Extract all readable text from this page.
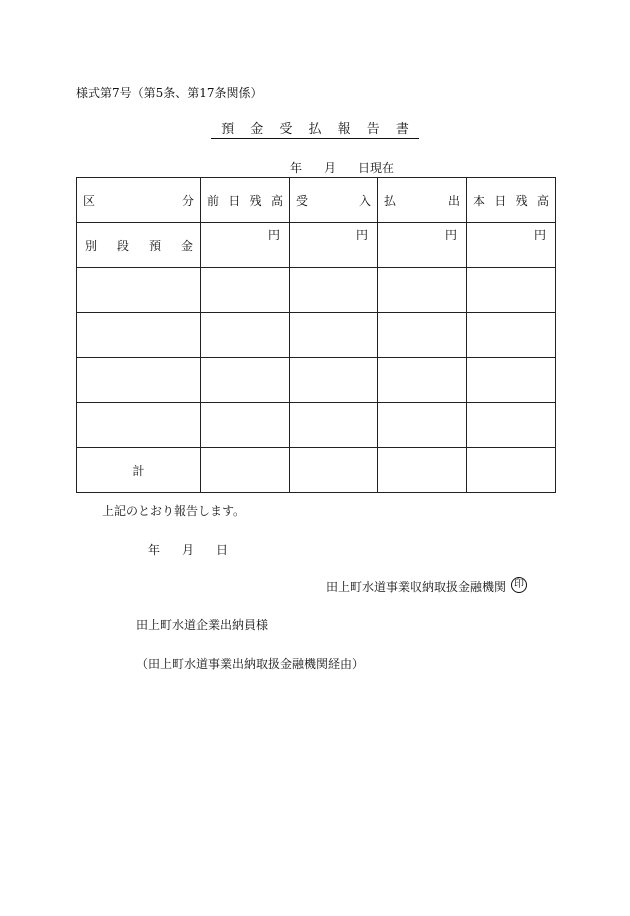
様式第7号（第5条、第17条関係）
預 金 受 払 報 告 書
年 月 日現在
区 分	前 日 残 高	受 入	払 出	本 日 残 高

別 段 預 金	円	円	円	円

計				
上記のとおり報告します。
年 月 日
田上町水道事業収納取扱金融機関 印
田上町水道企業出納員様
（田上町水道事業出納取扱金融機関経由）
